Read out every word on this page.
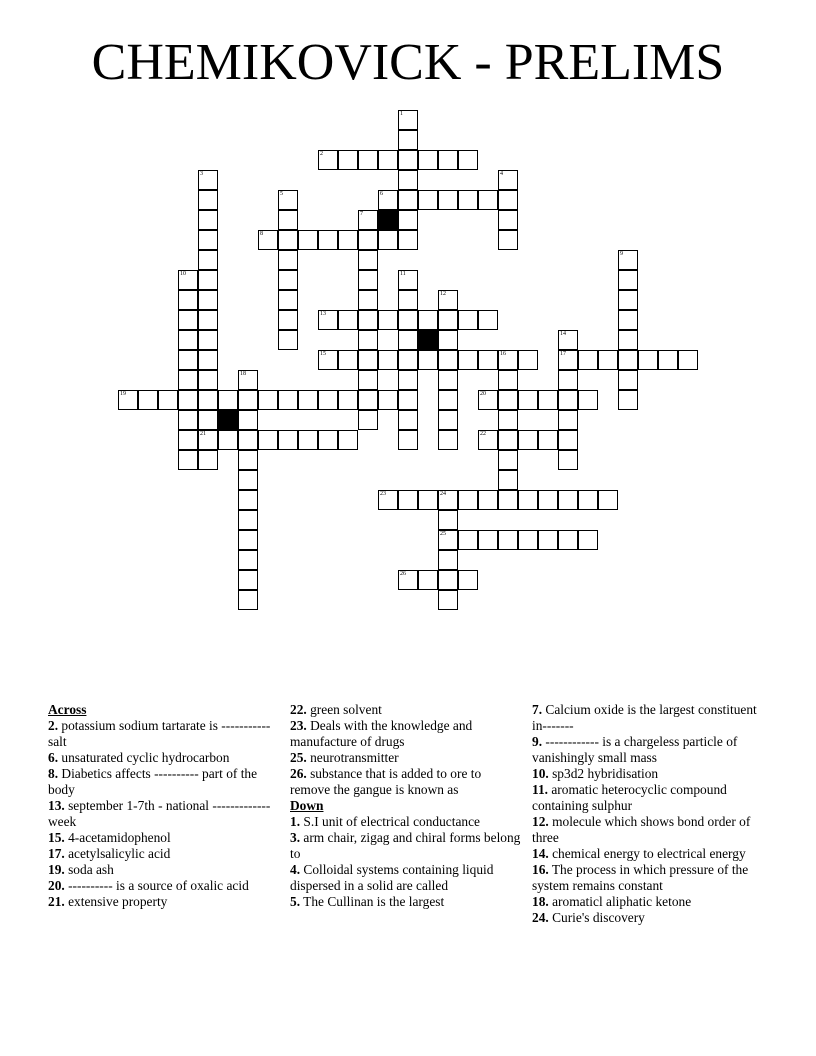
CHEMIKOVICK - PRELIMS
1
2
3
21
4
5	6
7
8
9
10	11
12
13
14
17
15	16
18
19	20
22
23	24
25
26

Across

2. potassium sodium tartarate is ----------- salt

6. unsaturated cyclic hydrocarbon

8. Diabetics affects ---------- part of the body

13. september 1-7th - national ------------- week

15. 4-acetamidophenol

17. acetylsalicylic acid

19. soda ash

20. ---------- is a source of oxalic acid

21. extensive property

22. green solvent

23. Deals with the knowledge and manufacture of drugs

25. neurotransmitter

26. substance that is added to ore to remove the gangue is known as

Down

1. S.I unit of electrical conductance

3. arm chair, zigag and chiral forms belong to

4. Colloidal systems containing liquid dispersed in a solid are called

5. The Cullinan is the largest

7. Calcium oxide is the largest constituent in-------

9. ------------ is a chargeless particle of vanishingly small mass

10. sp3d2 hybridisation

11. aromatic heterocyclic compound containing sulphur

12. molecule which shows bond order of three

14. chemical energy to electrical energy

16. The process in which pressure of the system remains constant

18. aromaticl aliphatic ketone

24. Curie's discovery
